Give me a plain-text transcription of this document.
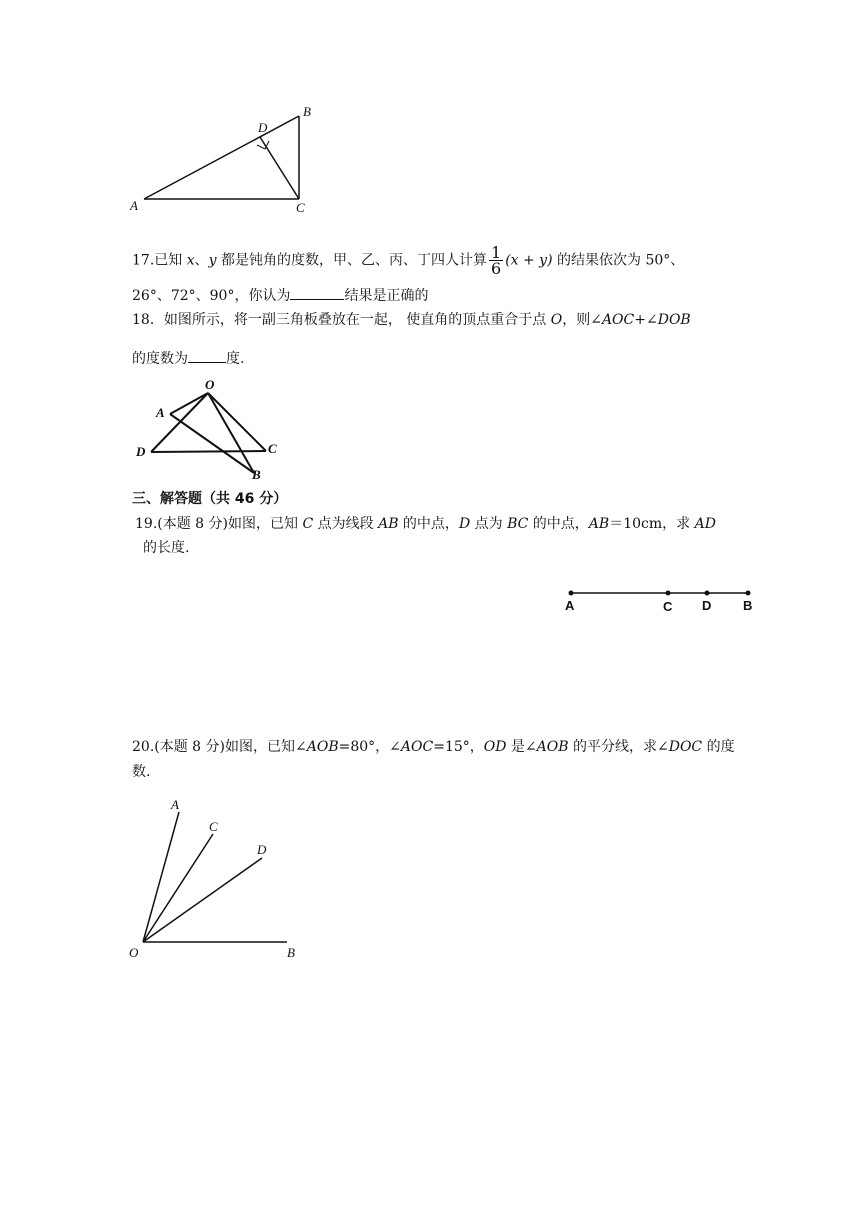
A
B
C
D
17.已知 x、y 都是钝角的度数，甲、乙、丙、丁四人计算 $\frac{1}{6} (x + y)$ 的结果依次为 50°、
26°、72°、90°，你认为	结果是正确的
18．如图所示，将一副三角板叠放在一起， 使直角的顶点重合于点 O，则∠AOC+∠DOB
的度数为	度.
O
A
D	C
B
三、解答题（共 46 分）
19.(本题 8 分)如图，已知 C 点为线段 AB 的中点，D 点为 BC 的中点，AB＝10cm，求 AD
的长度.
A	C D B
20.(本题 8 分)如图，已知∠AOB=80°，∠AOC=15°，OD 是∠AOB 的平分线，求∠DOC 的度
数.
A
C
D
O	B
